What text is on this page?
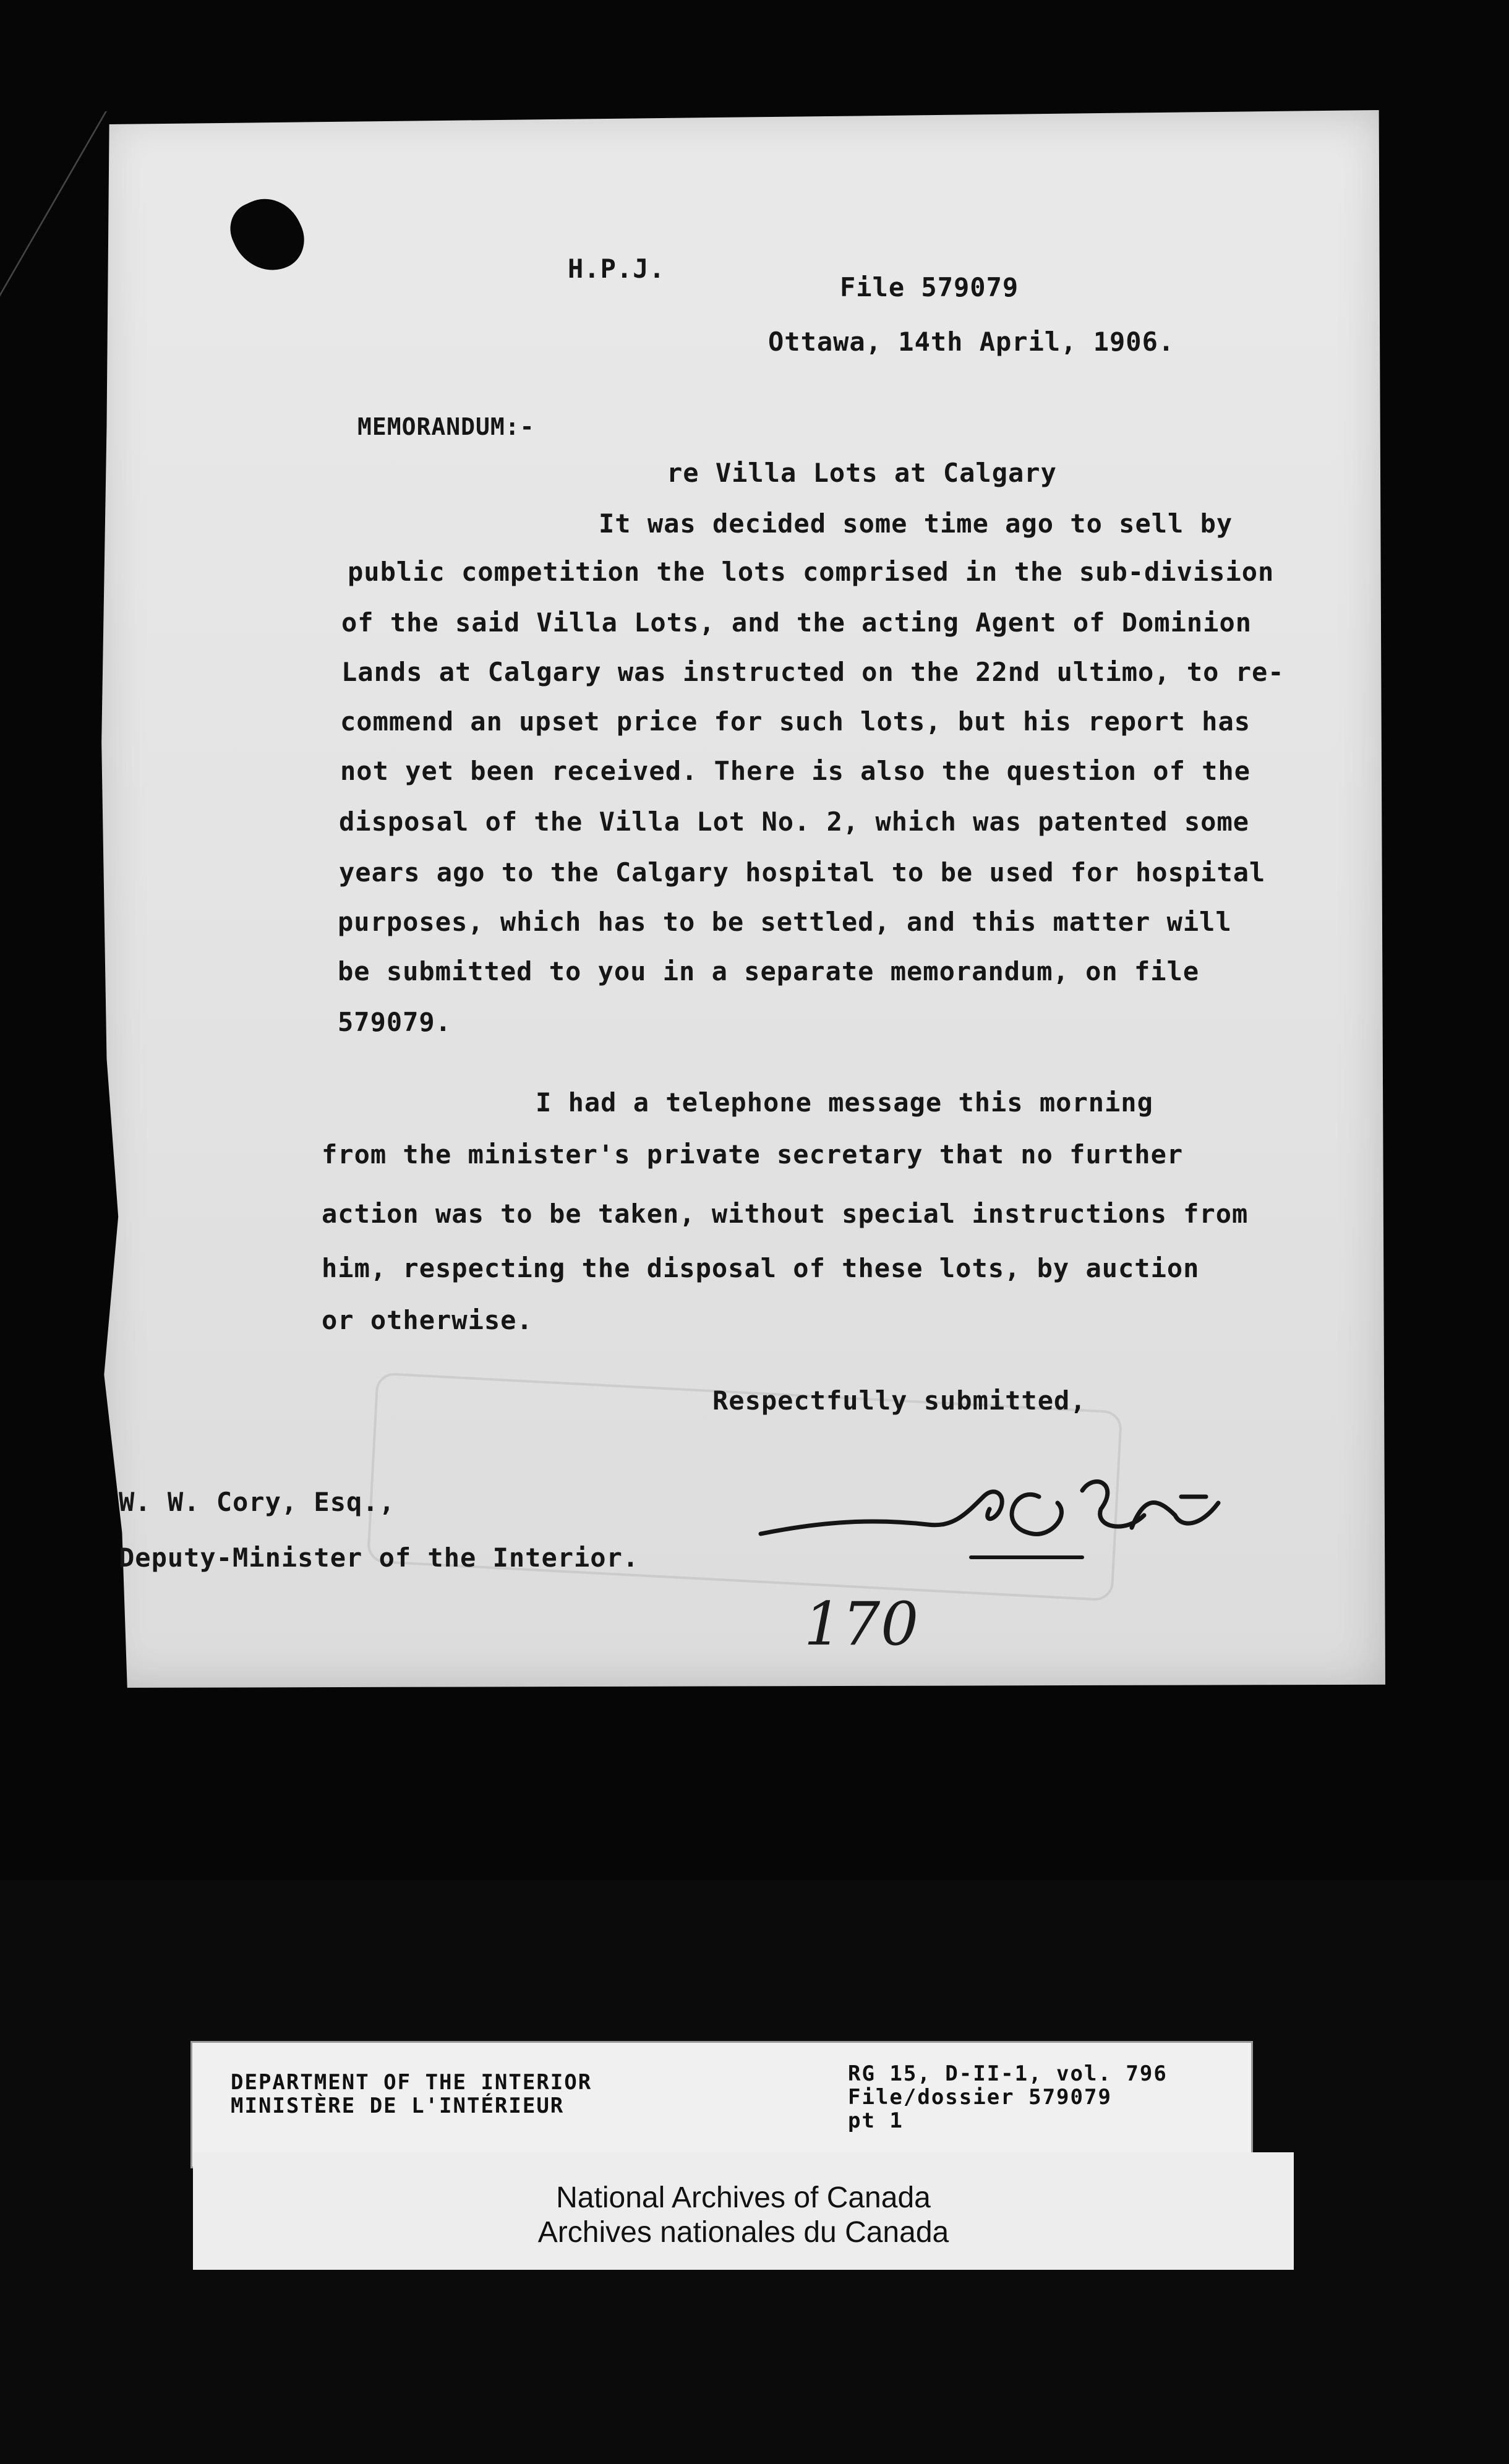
H.P.J.
File 579079
Ottawa, 14th April, 1906.
MEMORANDUM:-
re Villa Lots at Calgary
It was decided some time ago to sell by
public competition the lots comprised in the sub-division
of the said Villa Lots, and the acting Agent of Dominion
Lands at Calgary was instructed on the 22nd ultimo, to re-
commend an upset price for such lots, but his report has
not yet been received. There is also the question of the
disposal of the Villa Lot No. 2, which was patented some
years ago to the Calgary hospital to be used for hospital
purposes, which has to be settled, and this matter will
be submitted to you in a separate memorandum, on file
579079.
I had a telephone message this morning
from the minister's private secretary that no further
action was to be taken, without special instructions from
him, respecting the disposal of these lots, by auction
or otherwise.
Respectfully submitted,
W. W. Cory, Esq.,
Deputy-Minister of the Interior.
170
DEPARTMENT OF THE INTERIOR
MINISTÈRE DE L'INTÉRIEUR
RG 15, D-II-1, vol. 796
File/dossier 579079
pt 1
National Archives of Canada
Archives nationales du Canada
